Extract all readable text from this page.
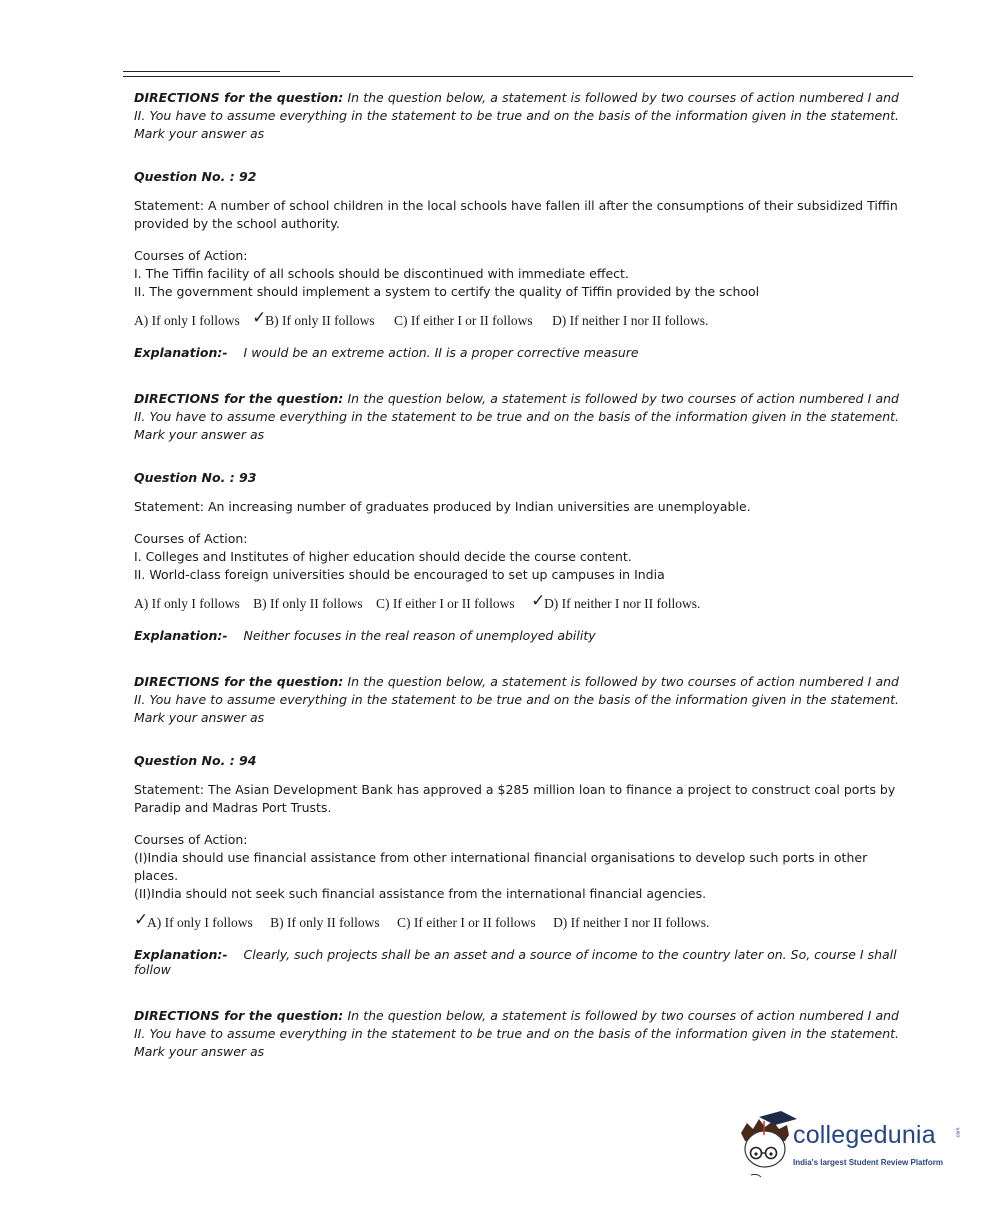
DIRECTIONS for the question: In the question below, a statement is followed by two courses of action numbered I and II. You have to assume everything in the statement to be true and on the basis of the information given in the statement. Mark your answer as
Question No. : 92
Statement: A number of school children in the local schools have fallen ill after the consumptions of their subsidized Tiffin provided by the school authority.
Courses of Action:
I. The Tiffin facility of all schools should be discontinued with immediate effect.
II. The government should implement a system to certify the quality of Tiffin provided by the school
A) If only I follows ✓
B) If only II follows C) If either I or II follows D) If neither I nor II follows.
Explanation:- I would be an extreme action. II is a proper corrective measure
DIRECTIONS for the question: In the question below, a statement is followed by two courses of action numbered I and II. You have to assume everything in the statement to be true and on the basis of the information given in the statement. Mark your answer as
Question No. : 93
Statement: An increasing number of graduates produced by Indian universities are unemployable.
Courses of Action:
I. Colleges and Institutes of higher education should decide the course content.
II. World-class foreign universities should be encouraged to set up campuses in India
A) If only I follows B) If only II follows C) If either I or II follows ✓
D) If neither I nor II follows.
Explanation:- Neither focuses in the real reason of unemployed ability
DIRECTIONS for the question: In the question below, a statement is followed by two courses of action numbered I and II. You have to assume everything in the statement to be true and on the basis of the information given in the statement. Mark your answer as
Question No. : 94
Statement: The Asian Development Bank has approved a $285 million loan to finance a project to construct coal ports by Paradip and Madras Port Trusts.
Courses of Action:
(I)India should use financial assistance from other international financial organisations to develop such ports in other places.
(II)India should not seek such financial assistance from the international financial agencies.
✓
A) If only I follows B) If only II follows C) If either I or II follows D) If neither I nor II follows.
Explanation:- Clearly, such projects shall be an asset and a source of income to the country later on. So, course I shall follow
DIRECTIONS for the question: In the question below, a statement is followed by two courses of action numbered I and II. You have to assume everything in the statement to be true and on the basis of the information given in the statement. Mark your answer as
collegedunia	.com
India's largest Student Review Platform
